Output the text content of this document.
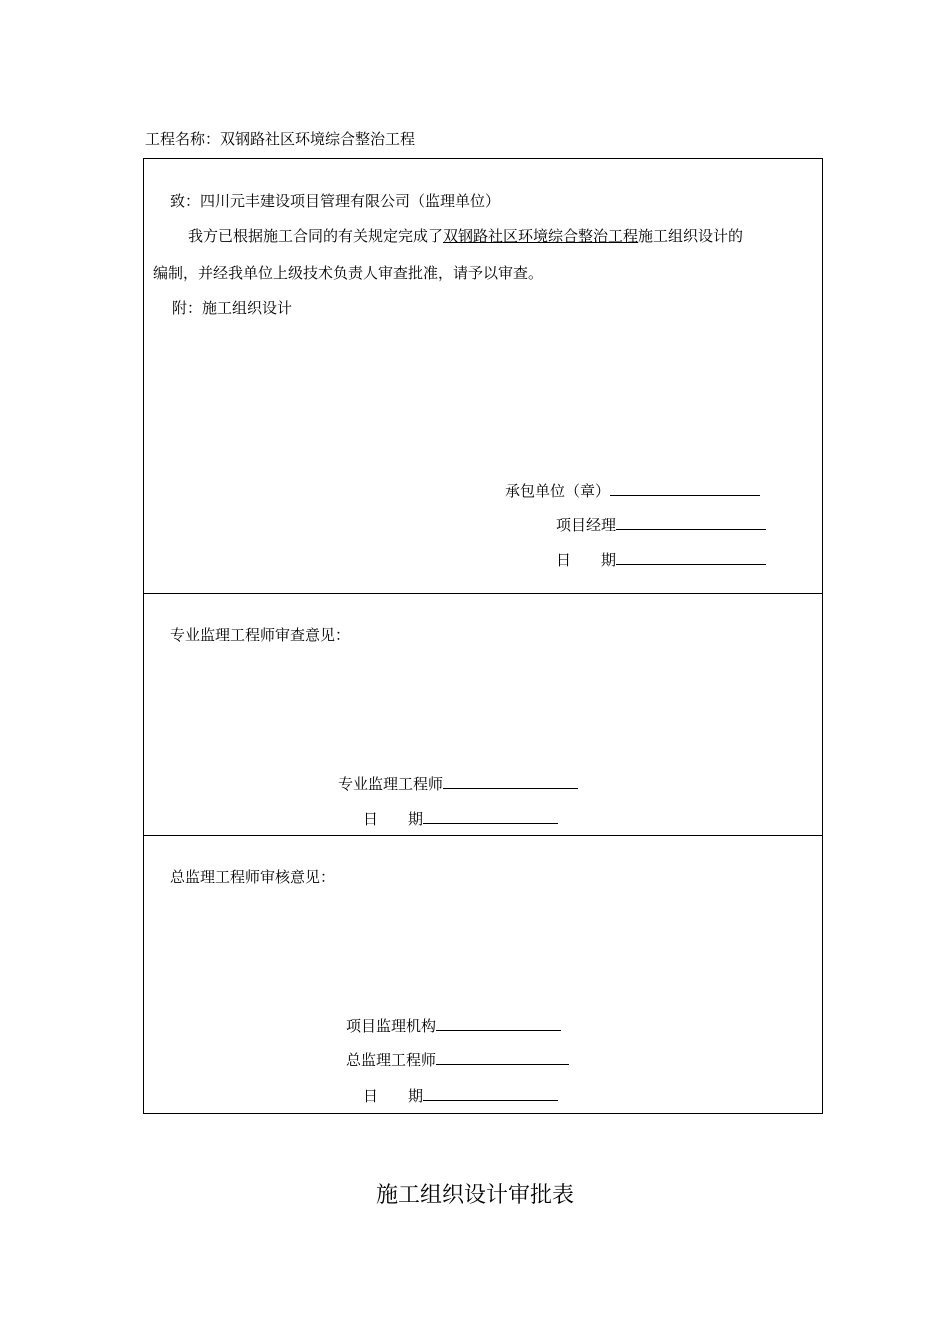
工程名称：双钢路社区环境综合整治工程
致：四川元丰建设项目管理有限公司（监理单位）
我方已根据施工合同的有关规定完成了双钢路社区环境综合整治工程施工组织设计的
编制，并经我单位上级技术负责人审查批准，请予以审查。
附：施工组织设计
承包单位（章）
项目经理
日 期
专业监理工程师审查意见：
专业监理工程师
日 期
总监理工程师审核意见：
项目监理机构
总监理工程师
日 期
施工组织设计审批表
